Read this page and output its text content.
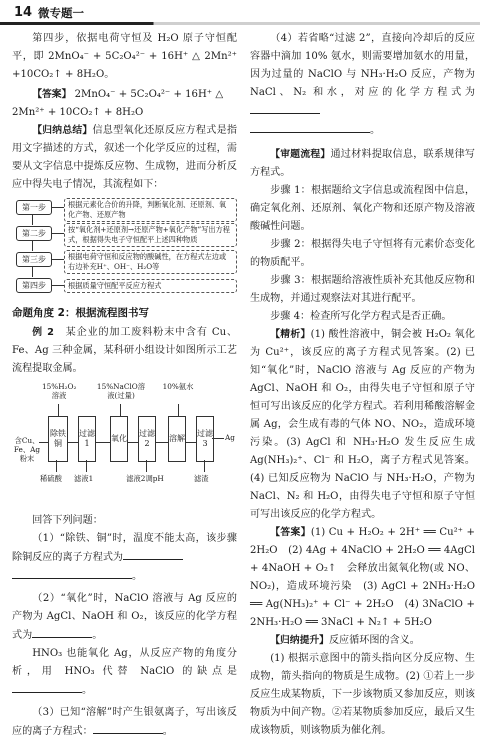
14 微专题一

第四步，依据电荷守恒及 H₂O 原子守恒配平，即 2MnO₄⁻ + 5C₂O₄²⁻ + 16H⁺ △ 2Mn²⁺ +10CO₂↑ + 8H₂O。

【答案】 2MnO₄⁻ + 5C₂O₄²⁻ + 16H⁺ △

2Mn²⁺ + 10CO₂↑ + 8H₂O

【归纳总结】信息型氧化还原反应方程式是指用文字描述的方式，叙述一个化学反应的过程，需要从文字信息中提炼反应物、生成物，进而分析反应中得失电子情况，其流程如下：

第一步	根据元素化合价的升降，判断氧化剂、还原剂、氧化产物、还原产物
第二步	按“氧化剂+还原剂→还原产物+氧化产物”写出方程式，根据得失电子守恒配平上述四种物质
第三步	根据电荷守恒和反应物的酸碱性，在方程式左边或右边补充H⁺、OH⁻、H₂O等
第四步	根据质量守恒配平反应方程式
命题角度 2：根据流程图书写

例 2　 某企业的加工废料粉末中含有 Cu、Fe、Ag 三种金属，某科研小组设计如图所示工艺流程提取金属。

15%H₂O₂溶液
15%NaClO溶液(过量)
10%氨水
含Cu、Fe、Ag粉末
除铁铜
过滤1
氧化
过滤2
溶解
过滤3
Ag
稀硫酸 滤液1	滤液2调pH	滤渣

回答下列问题：

（1）“除铁、铜”时，温度不能太高，该步骤除铜反应的离子方程式为

。

（2）“氧化”时，NaClO 溶液与 Ag 反应的产物为 AgCl、NaOH 和 O₂，该反应的化学方程式为	。

HNO₃ 也能氧化 Ag，从反应产物的角度分析，用 HNO₃ 代替 NaClO 的缺点是。

（3）已知“溶解”时产生银氨离子，写出该反应的离子方程式：	。

（4）若省略“过滤 2”，直接向冷却后的反应容器中滴加 10% 氨水，则需要增加氨水的用量，因为过量的 NaClO 与 NH₃·H₂O 反应，产物为 NaCl、N₂ 和水，对应的化学方程式为

。

【审题流程】通过材料提取信息，联系规律写方程式。

步骤 1：根据题给文字信息或流程图中信息，确定氧化剂、还原剂、氧化产物和还原产物及溶液酸碱性问题。

步骤 2：根据得失电子守恒将有元素价态变化的物质配平。

步骤 3：根据题给溶液性质补充其他反应物和生成物，并通过观察法对其进行配平。

步骤 4：检查所写化学方程式是否正确。

【精析】(1) 酸性溶液中，铜会被 H₂O₂ 氧化为 Cu²⁺，该反应的离子方程式见答案。(2) 已知“氧化”时，NaClO 溶液与 Ag 反应的产物为 AgCl、NaOH 和 O₂，由得失电子守恒和原子守恒可写出该反应的化学方程式。若利用稀酸溶解金属 Ag，会生成有毒的气体 NO、NO₂，造成环境污染。(3) AgCl 和 NH₃·H₂O 发生反应生成 Ag(NH₃)₂⁺、Cl⁻ 和 H₂O，离子方程式见答案。(4) 已知反应物为 NaClO 与 NH₃·H₂O，产物为 NaCl、N₂ 和 H₂O，由得失电子守恒和原子守恒可写出该反应的化学方程式。

【答案】(1) Cu + H₂O₂ + 2H⁺ ══ Cu²⁺ + 2H₂O　(2) 4Ag + 4NaClO + 2H₂O ══ 4AgCl + 4NaOH + O₂↑　会释放出氮氧化物(或 NO、NO₂)，造成环境污染　(3) AgCl + 2NH₃·H₂O ══ Ag(NH₃)₂⁺ + Cl⁻ + 2H₂O　(4) 3NaClO + 2NH₃·H₂O ══ 3NaCl + N₂↑ + 5H₂O

【归纳提升】反应循环图的含义。

(1) 根据示意图中的箭头指向区分反应物、生成物，箭头指向的物质是生成物。(2) ①若上一步反应生成某物质，下一步该物质又参加反应，则该物质为中间产物。②若某物质参加反应，最后又生成该物质，则该物质为催化剂。
